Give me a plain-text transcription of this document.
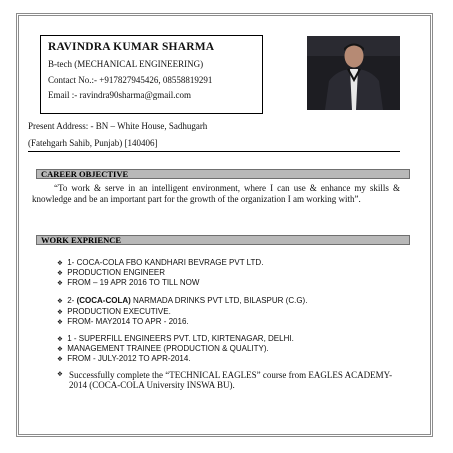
RAVINDRA KUMAR SHARMA
B-tech (MECHANICAL ENGINEERING)
Contact No.:- +917827945426, 08558819291
Email :- ravindra90sharma@gmail.com
Present Address: - BN – White House, Sadhugarh
(Fatehgarh Sahib, Punjab) [140406]
CAREER OBJECTIVE
“To work & serve in an intelligent environment, where I can use & enhance my skills & knowledge and be an important part for the growth of the organization I am working with”.
WORK EXPRIENCE
❖ 1- COCA-COLA FBO KANDHARI BEVRAGE PVT LTD.
❖ PRODUCTION ENGINEER
❖ FROM – 19 APR 2016 TO TILL NOW
❖ 2- (COCA-COLA) NARMADA DRINKS PVT LTD, BILASPUR (C.G).
❖ PRODUCTION EXECUTIVE.
❖ FROM- MAY2014 TO APR - 2016.
❖ 1 - SUPERFILL ENGINEERS PVT. LTD, KIRTENAGAR, DELHI.
❖ MANAGEMENT TRAINEE (PRODUCTION & QUALITY).
❖ FROM - JULY-2012 TO APR-2014.
❖ Successfully complete the “TECHNICAL EAGLES” course from EAGLES ACADEMY-2014 (COCA-COLA University INSWA BU).
